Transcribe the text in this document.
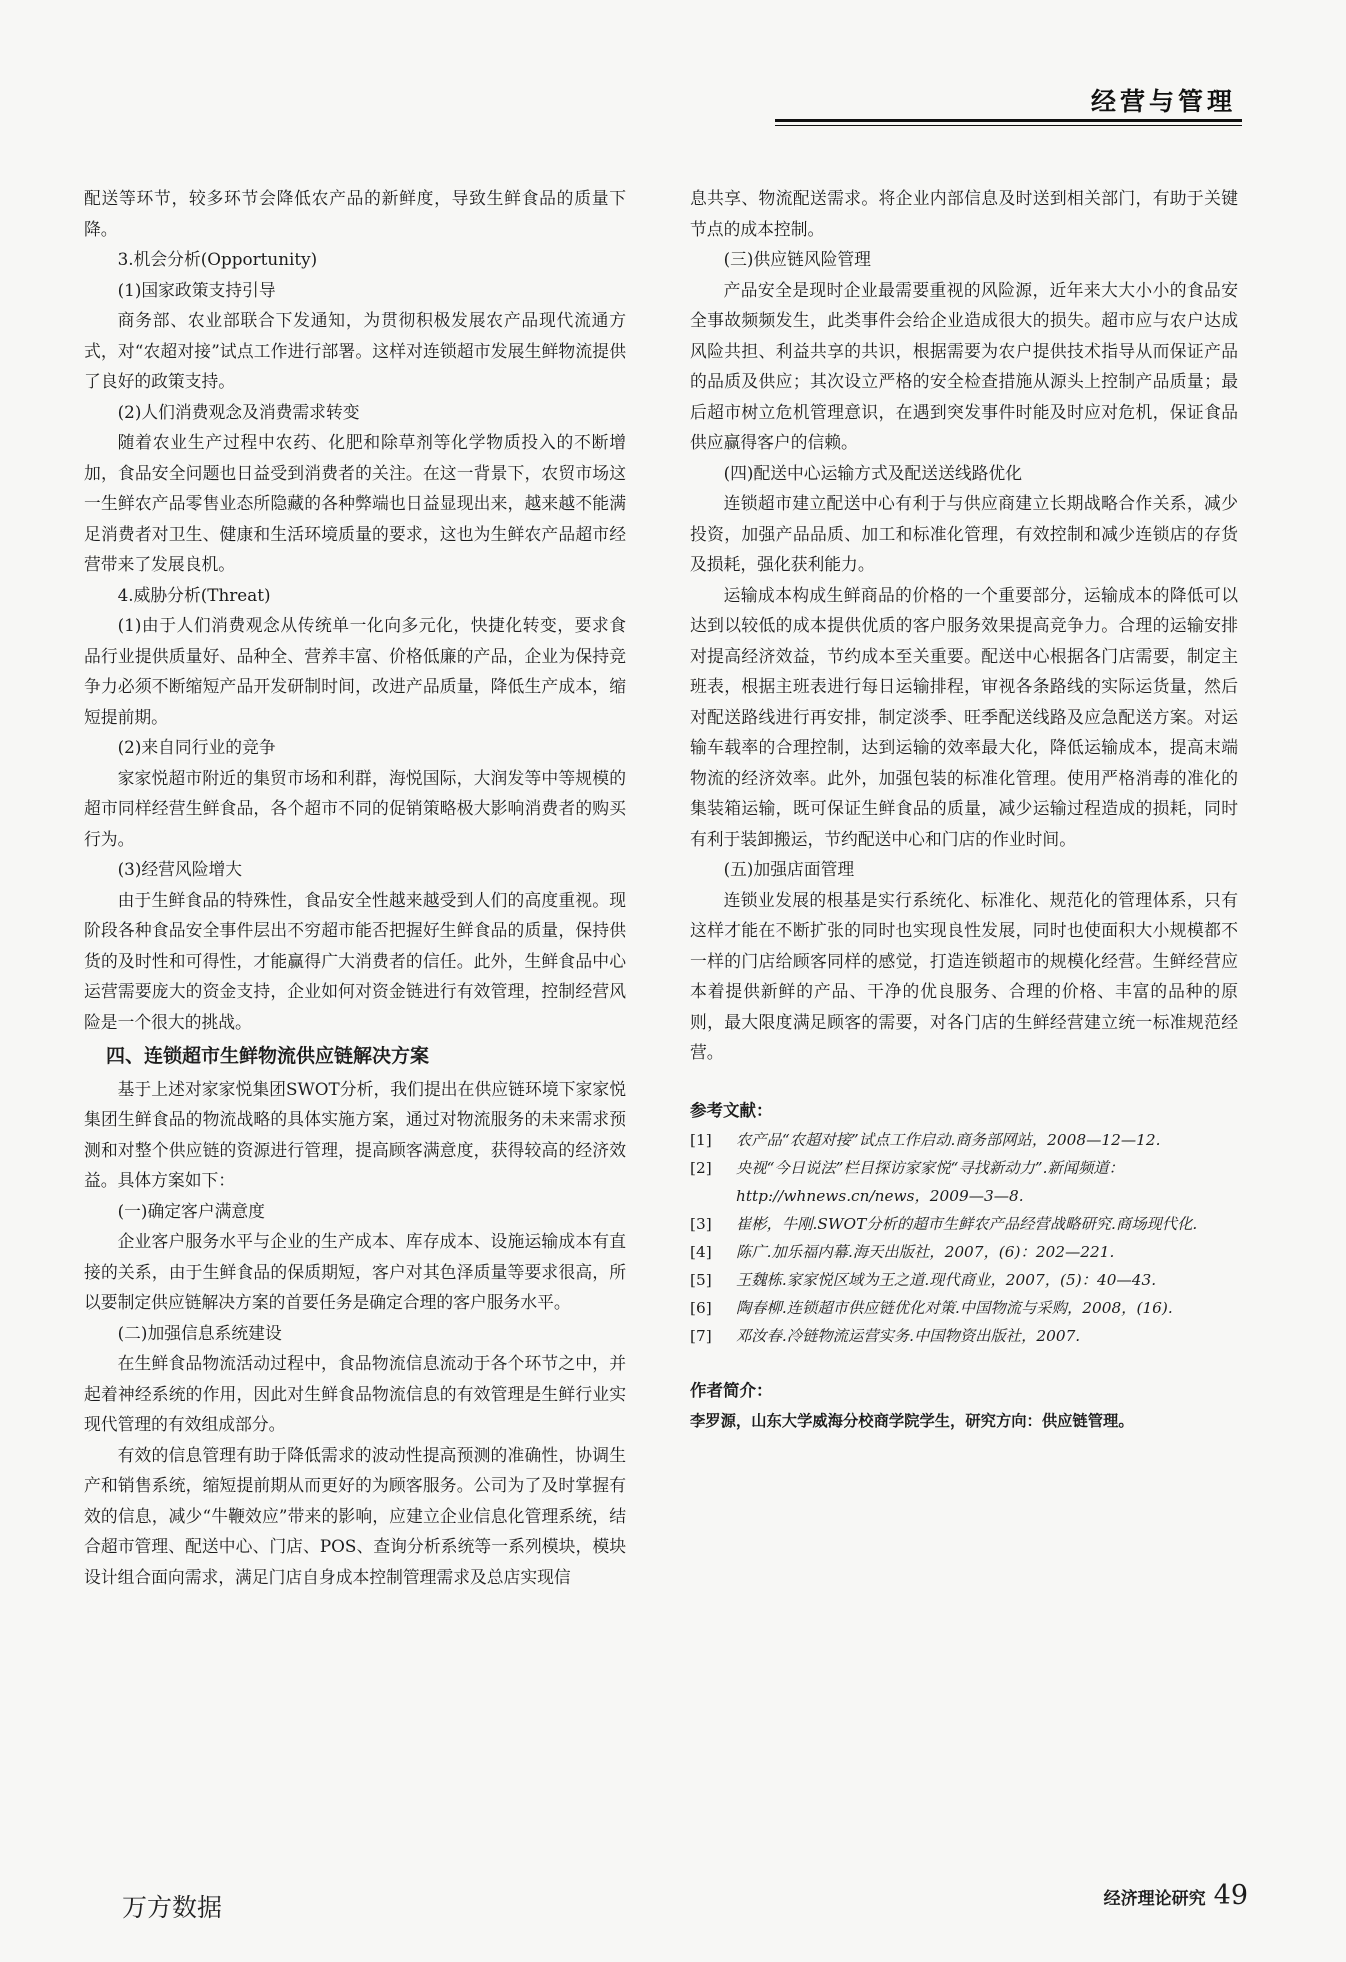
经营与管理

配送等环节，较多环节会降低农产品的新鲜度，导致生鲜食品的质量下降。

3.机会分析(Opportunity)

(1)国家政策支持引导

商务部、农业部联合下发通知，为贯彻积极发展农产品现代流通方式，对“农超对接”试点工作进行部署。这样对连锁超市发展生鲜物流提供了良好的政策支持。

(2)人们消费观念及消费需求转变

随着农业生产过程中农药、化肥和除草剂等化学物质投入的不断增加，食品安全问题也日益受到消费者的关注。在这一背景下，农贸市场这一生鲜农产品零售业态所隐藏的各种弊端也日益显现出来，越来越不能满足消费者对卫生、健康和生活环境质量的要求，这也为生鲜农产品超市经营带来了发展良机。

4.威胁分析(Threat)

(1)由于人们消费观念从传统单一化向多元化，快捷化转变，要求食品行业提供质量好、品种全、营养丰富、价格低廉的产品，企业为保持竞争力必须不断缩短产品开发研制时间，改进产品质量，降低生产成本，缩短提前期。

(2)来自同行业的竞争

家家悦超市附近的集贸市场和利群，海悦国际，大润发等中等规模的超市同样经营生鲜食品，各个超市不同的促销策略极大影响消费者的购买行为。

(3)经营风险增大

由于生鲜食品的特殊性，食品安全性越来越受到人们的高度重视。现阶段各种食品安全事件层出不穷超市能否把握好生鲜食品的质量，保持供货的及时性和可得性，才能赢得广大消费者的信任。此外，生鲜食品中心运营需要庞大的资金支持，企业如何对资金链进行有效管理，控制经营风险是一个很大的挑战。

四、连锁超市生鲜物流供应链解决方案

基于上述对家家悦集团SWOT分析，我们提出在供应链环境下家家悦集团生鲜食品的物流战略的具体实施方案，通过对物流服务的未来需求预测和对整个供应链的资源进行管理，提高顾客满意度，获得较高的经济效益。具体方案如下：

(一)确定客户满意度

企业客户服务水平与企业的生产成本、库存成本、设施运输成本有直接的关系，由于生鲜食品的保质期短，客户对其色泽质量等要求很高，所以要制定供应链解决方案的首要任务是确定合理的客户服务水平。

(二)加强信息系统建设

在生鲜食品物流活动过程中，食品物流信息流动于各个环节之中，并起着神经系统的作用，因此对生鲜食品物流信息的有效管理是生鲜行业实现代管理的有效组成部分。

有效的信息管理有助于降低需求的波动性提高预测的准确性，协调生产和销售系统，缩短提前期从而更好的为顾客服务。公司为了及时掌握有效的信息，减少“牛鞭效应”带来的影响，应建立企业信息化管理系统，结合超市管理、配送中心、门店、POS、查询分析系统等一系列模块，模块设计组合面向需求，满足门店自身成本控制管理需求及总店实现信

息共享、物流配送需求。将企业内部信息及时送到相关部门，有助于关键节点的成本控制。

(三)供应链风险管理

产品安全是现时企业最需要重视的风险源，近年来大大小小的食品安全事故频频发生，此类事件会给企业造成很大的损失。超市应与农户达成风险共担、利益共享的共识，根据需要为农户提供技术指导从而保证产品的品质及供应；其次设立严格的安全检查措施从源头上控制产品质量；最后超市树立危机管理意识，在遇到突发事件时能及时应对危机，保证食品供应赢得客户的信赖。

(四)配送中心运输方式及配送送线路优化

连锁超市建立配送中心有利于与供应商建立长期战略合作关系，减少投资，加强产品品质、加工和标准化管理，有效控制和减少连锁店的存货及损耗，强化获利能力。

运输成本构成生鲜商品的价格的一个重要部分，运输成本的降低可以达到以较低的成本提供优质的客户服务效果提高竞争力。合理的运输安排对提高经济效益，节约成本至关重要。配送中心根据各门店需要，制定主班表，根据主班表进行每日运输排程，审视各条路线的实际运货量，然后对配送路线进行再安排，制定淡季、旺季配送线路及应急配送方案。对运输车载率的合理控制，达到运输的效率最大化，降低运输成本，提高末端物流的经济效率。此外，加强包装的标准化管理。使用严格消毒的准化的集装箱运输，既可保证生鲜食品的质量，减少运输过程造成的损耗，同时有利于装卸搬运，节约配送中心和门店的作业时间。

(五)加强店面管理

连锁业发展的根基是实行系统化、标准化、规范化的管理体系，只有这样才能在不断扩张的同时也实现良性发展，同时也使面积大小规模都不一样的门店给顾客同样的感觉，打造连锁超市的规模化经营。生鲜经营应本着提供新鲜的产品、干净的优良服务、合理的价格、丰富的品种的原则，最大限度满足顾客的需要，对各门店的生鲜经营建立统一标准规范经营。

参考文献：

[1] 农产品“农超对接”试点工作启动.商务部网站，2008—12—12.

[2] 央视“今日说法”栏目探访家家悦“寻找新动力”.新闻频道：http://whnews.cn/news，2009—3—8.

[3] 崔彬，牛刚.SWOT分析的超市生鲜农产品经营战略研究.商场现代化.

[4] 陈广.加乐福内幕.海天出版社，2007，(6)：202—221.

[5] 王魏栋.家家悦区域为王之道.现代商业，2007，(5)：40—43.

[6] 陶春柳.连锁超市供应链优化对策.中国物流与采购，2008，(16).

[7] 邓汝春.冷链物流运营实务.中国物资出版社，2007.

作者简介：

李罗源，山东大学威海分校商学院学生，研究方向：供应链管理。

万方数据	经济理论研究 49
